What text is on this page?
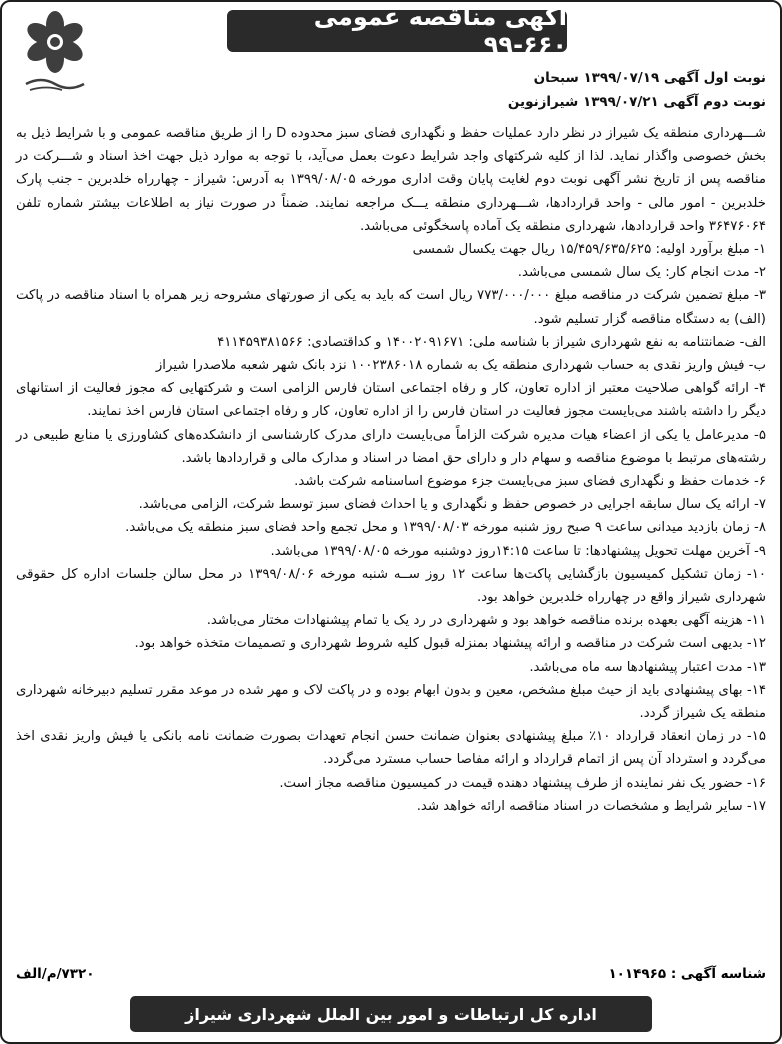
آگهی مناقصه عمومی ۶۶۰-۹۹
نوبت اول آگهی ۱۳۹۹/۰۷/۱۹ سبحان
نوبت دوم آگهی ۱۳۹۹/۰۷/۲۱ شیرازنوین

شـــهرداری منطقه یک شیراز در نظر دارد عملیات حفظ و نگهداری فضای سبز محدوده D را از طریق مناقصه عمومی و با شرایط ذیل به بخش خصوصی واگذار نماید. لذا از کلیه شرکتهای واجد شرایط دعوت بعمل می‌آید، با توجه به موارد ذیل جهت اخذ اسناد و شـــرکت در مناقصه پس از تاریخ نشر آگهی نوبت دوم لغایت پایان وقت اداری مورخه ۱۳۹۹/۰۸/۰۵ به آدرس: شیراز - چهارراه خلدبرین - جنب پارک خلدبرین - امور مالی - واحد قراردادها، شـــهرداری منطقه یـــک مراجعه نمایند. ضمناً در صورت نیاز به اطلاعات بیشتر شماره تلفن ۳۶۴۷۶۰۶۴ واحد قراردادها، شهرداری منطقه یک آماده پاسخگوئی می‌باشد.

۱- مبلغ برآورد اولیه: ۱۵/۴۵۹/۶۳۵/۶۲۵ ریال جهت یکسال شمسی

۲- مدت انجام کار: یک سال شمسی می‌باشد.

۳- مبلغ تضمین شرکت در مناقصه مبلغ ۷۷۳/۰۰۰/۰۰۰ ریال است که باید به یکی از صورتهای مشروحه زیر همراه با اسناد مناقصه در پاکت (الف) به دستگاه مناقصه گزار تسلیم شود.

الف- ضمانتنامه به نفع شهرداری شیراز با شناسه ملی: ۱۴۰۰۲۰۹۱۶۷۱ و کداقتصادی: ۴۱۱۴۵۹۳۸۱۵۶۶

ب- فیش واریز نقدی به حساب شهرداری منطقه یک به شماره ۱۰۰۲۳۸۶۰۱۸ نزد بانک شهر شعبه ملاصدرا شیراز

۴- ارائه گواهی صلاحیت معتبر از اداره تعاون، کار و رفاه اجتماعی استان فارس الزامی است و شرکتهایی که مجوز فعالیت از استانهای دیگر را داشته باشند می‌بایست مجوز فعالیت در استان فارس را از اداره تعاون، کار و رفاه اجتماعی استان فارس اخذ نمایند.

۵- مدیرعامل یا یکی از اعضاء هیات مدیره شرکت الزاماً می‌بایست دارای مدرک کارشناسی از دانشکده‌های کشاورزی یا منابع طبیعی در رشته‌های مرتبط با موضوع مناقصه و سهام دار و دارای حق امضا در اسناد و مدارک مالی و قراردادها باشد.

۶- خدمات حفظ و نگهداری فضای سبز می‌بایست جزء موضوع اساسنامه شرکت باشد.

۷- ارائه یک سال سابقه اجرایی در خصوص حفظ و نگهداری و یا احداث فضای سبز توسط شرکت، الزامی می‌باشد.

۸- زمان بازدید میدانی ساعت ۹ صبح روز شنبه مورخه ۱۳۹۹/۰۸/۰۳ و محل تجمع واحد فضای سبز منطقه یک می‌باشد.

۹- آخرین مهلت تحویل پیشنهادها: تا ساعت ۱۴:۱۵روز دوشنبه مورخه ۱۳۹۹/۰۸/۰۵ می‌باشد.

۱۰- زمان تشکیل کمیسیون بازگشایی پاکت‌ها ساعت ۱۲ روز ســه شنبه مورخه ۱۳۹۹/۰۸/۰۶ در محل سالن جلسات اداره کل حقوقی شهرداری شیراز واقع در چهارراه خلدبرین خواهد بود.

۱۱- هزینه آگهی بعهده برنده مناقصه خواهد بود و شهرداری در رد یک یا تمام پیشنهادات مختار می‌باشد.

۱۲- بدیهی است شرکت در مناقصه و ارائه پیشنهاد بمنزله قبول کلیه شروط شهرداری و تصمیمات متخذه خواهد بود.

۱۳- مدت اعتبار پیشنهادها سه ماه می‌باشد.

۱۴- بهای پیشنهادی باید از حیث مبلغ مشخص، معین و بدون ابهام بوده و در پاکت لاک و مهر شده در موعد مقرر تسلیم دبیرخانه شهرداری منطقه یک شیراز گردد.

۱۵- در زمان انعقاد قرارداد ۱۰٪ مبلغ پیشنهادی بعنوان ضمانت حسن انجام تعهدات بصورت ضمانت نامه بانکی یا فیش واریز نقدی اخذ می‌گردد و استرداد آن پس از اتمام قرارداد و ارائه مفاصا حساب مسترد می‌گردد.

۱۶- حضور یک نفر نماینده از طرف پیشنهاد دهنده قیمت در کمیسیون مناقصه مجاز است.

۱۷- سایر شرایط و مشخصات در اسناد مناقصه ارائه خواهد شد.

شناسه آگهی : ۱۰۱۴۹۶۵
۷۳۲۰/م/الف
اداره کل ارتباطات و امور بین الملل شهرداری شیراز
